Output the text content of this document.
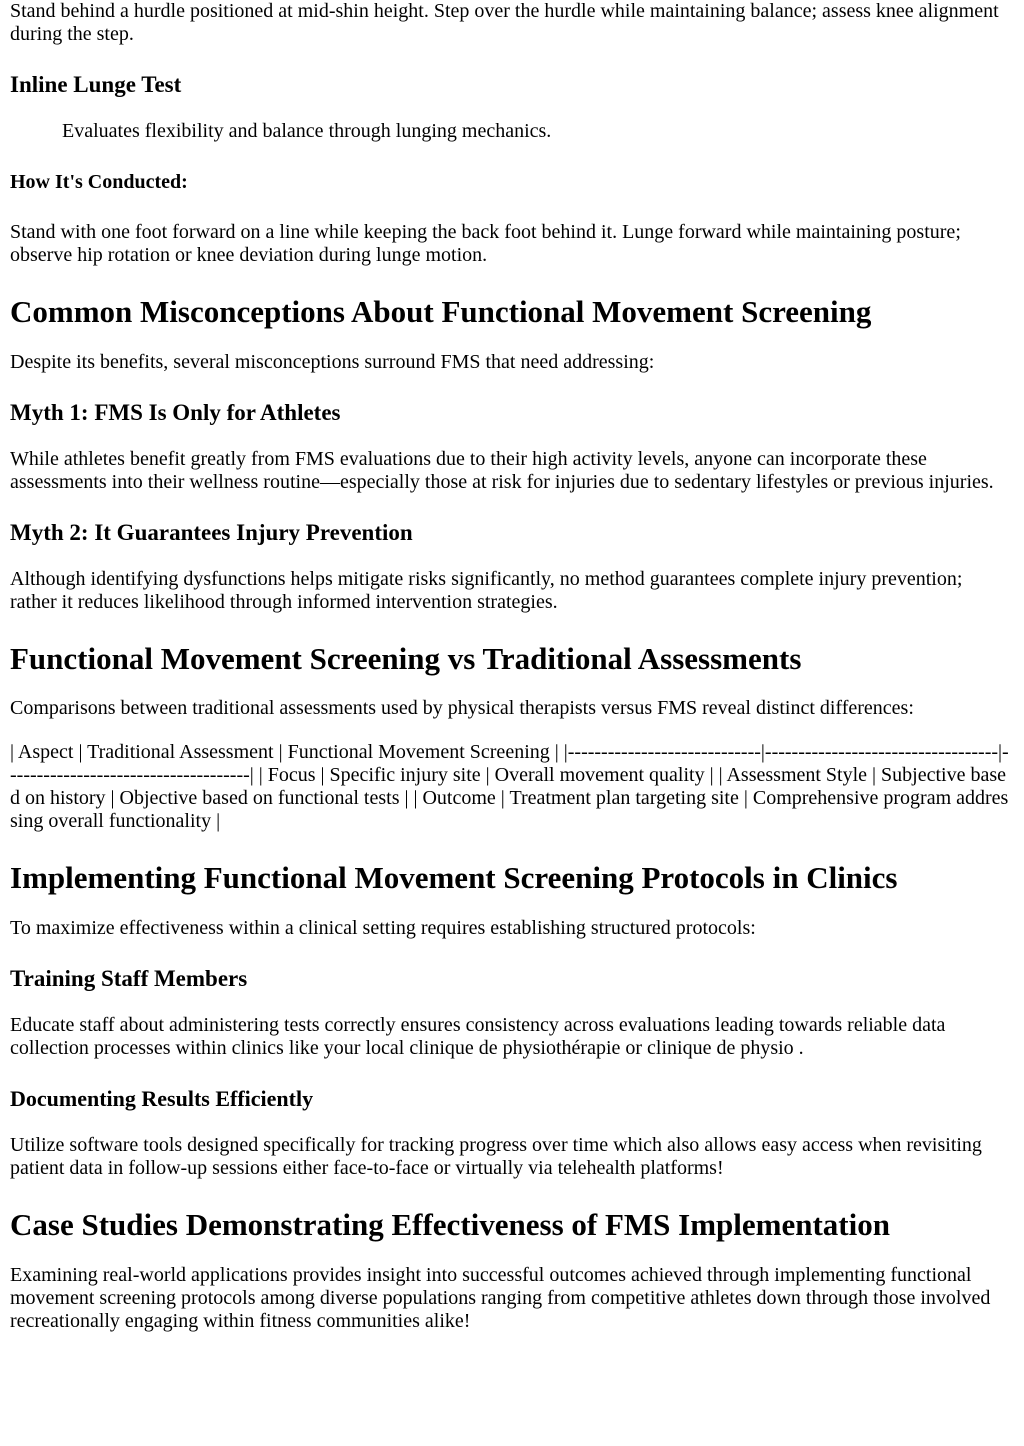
Stand behind a hurdle positioned at mid-shin height. Step over the hurdle while maintaining balance; assess knee alignment during the step.

Inline Lunge Test
Evaluates flexibility and balance through lunging mechanics.
How It's Conducted:

Stand with one foot forward on a line while keeping the back foot behind it. Lunge forward while maintaining posture; observe hip rotation or knee deviation during lunge motion.

Common Misconceptions About Functional Movement Screening

Despite its benefits, several misconceptions surround FMS that need addressing:

Myth 1: FMS Is Only for Athletes

While athletes benefit greatly from FMS evaluations due to their high activity levels, anyone can incorporate these assessments into their wellness routine—especially those at risk for injuries due to sedentary lifestyles or previous injuries.

Myth 2: It Guarantees Injury Prevention

Although identifying dysfunctions helps mitigate risks significantly, no method guarantees complete injury prevention; rather it reduces likelihood through informed intervention strategies.

Functional Movement Screening vs Traditional Assessments

Comparisons between traditional assessments used by physical therapists versus FMS reveal distinct differences:

| Aspect | Traditional Assessment | Functional Movement Screening | |-----------------------------|-----------------------------------|-------------------------------------| | Focus | Specific injury site | Overall movement quality | | Assessment Style | Subjective based on history | Objective based on functional tests | | Outcome | Treatment plan targeting site | Comprehensive program addressing overall functionality |

Implementing Functional Movement Screening Protocols in Clinics

To maximize effectiveness within a clinical setting requires establishing structured protocols:

Training Staff Members

Educate staff about administering tests correctly ensures consistency across evaluations leading towards reliable data collection processes within clinics like your local clinique de physiothérapie or clinique de physio .

Documenting Results Efficiently

Utilize software tools designed specifically for tracking progress over time which also allows easy access when revisiting patient data in follow-up sessions either face-to-face or virtually via telehealth platforms!

Case Studies Demonstrating Effectiveness of FMS Implementation

Examining real-world applications provides insight into successful outcomes achieved through implementing functional movement screening protocols among diverse populations ranging from competitive athletes down through those involved recreationally engaging within fitness communities alike!
